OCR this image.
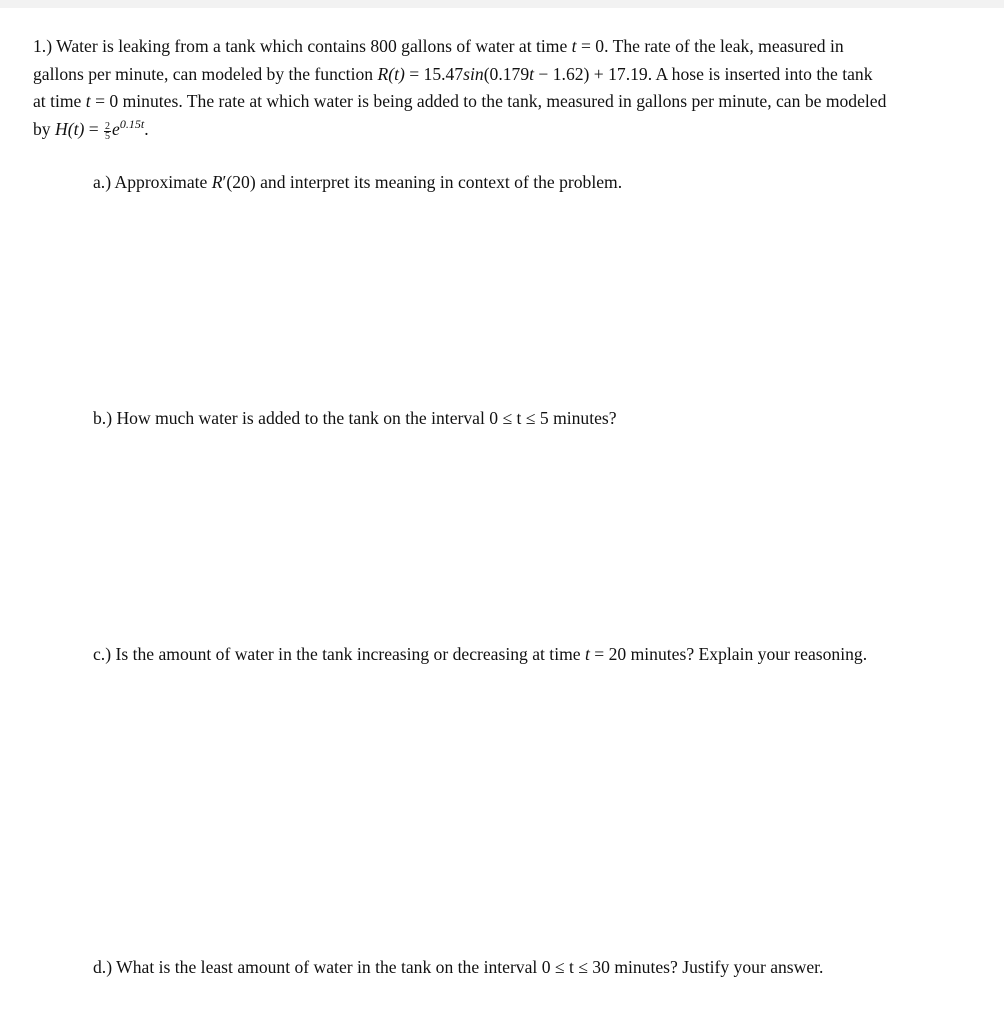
1.) Water is leaking from a tank which contains 800 gallons of water at time t = 0. The rate of the leak, measured in
gallons per minute, can modeled by the function R(t) = 15.47sin(0.179t − 1.62) + 17.19. A hose is inserted into the tank
at time t = 0 minutes. The rate at which water is being added to the tank, measured in gallons per minute, can be modeled
by $H(t) = \frac{2}{5} e^{0.15t}$.
a.) Approximate R′(20) and interpret its meaning in context of the problem.
b.) How much water is added to the tank on the interval 0 ≤ t ≤ 5 minutes?
c.) Is the amount of water in the tank increasing or decreasing at time t = 20 minutes? Explain your reasoning.
d.) What is the least amount of water in the tank on the interval 0 ≤ t ≤ 30 minutes? Justify your answer.
